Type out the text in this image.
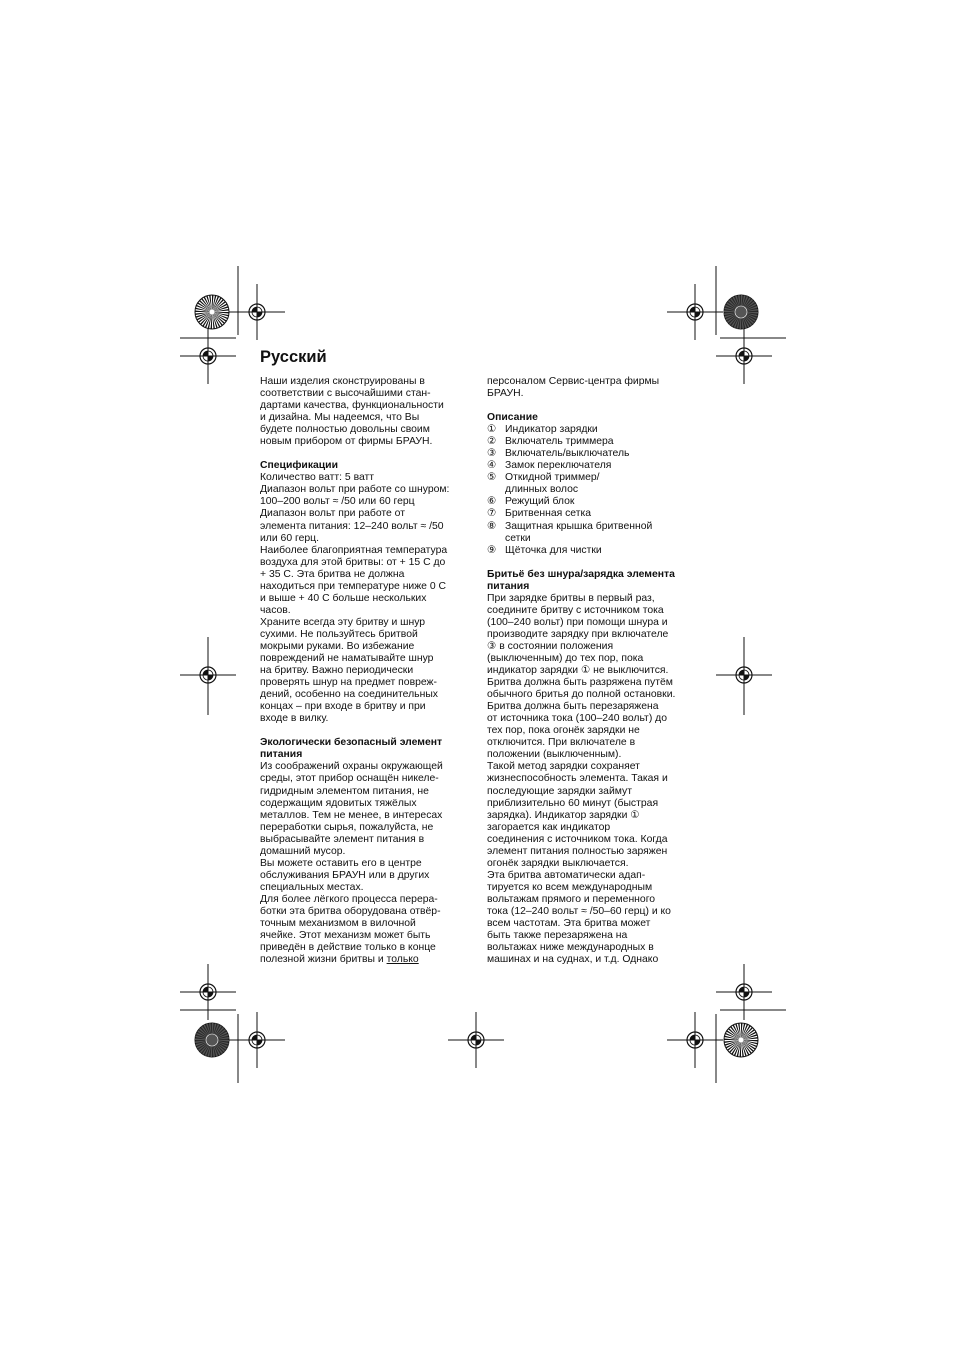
Русский

Наши изделия сконструированы в

соответствии с высочайшими стан-

дартами качества, функциональности

и дизайна. Мы надеемся, что Вы

будете полностью довольны своим

новым прибором от фирмы БРАУН.

Спецификации

Количество ватт: 5 ватт

Диапазон вольт при работе со шнуром:

100–200 вольт ≈ /50 или 60 герц

Диапазон вольт при работе от

элемента питания: 12–240 вольт ≈ /50

или 60 герц.

Наиболее благоприятная температура

воздуха для этой бритвы: от + 15 С до

+ 35 С. Эта бритва не должна

находиться при температуре ниже 0 С

и выше + 40 С больше нескольких

часов.

Храните всегда эту бритву и шнур

сухими. Не пользуйтесь бритвой

мокрыми руками. Во избежание

повреждений не наматывайте шнур

на бритву. Важно периодически

проверять шнур на предмет повреж-

дений, особенно на соединительных

концах – при входе в бритву и при

входе в вилку.

Экологически безопасный элемент
питания

Из соображений охраны окружающей

среды, этот прибор оснащён никеле-

гидридным элементом питания, не

содержащим ядовитых тяжёлых

металлов. Тем не менее, в интересах

переработки сырья, пожалуйста, не

выбрасывайте элемент питания в

домашний мусор.

Вы можете оставить его в центре

обслуживания БРАУН или в других

специальных местах.

Для более лёгкого процесса перера-

ботки эта бритва оборудована отвёр-

точным механизмом в вилочной

ячейке. Этот механизм может быть

приведён в действие только в конце

полезной жизни бритвы и только

персоналом Сервис-центра фирмы

БРАУН.

Описание
① Индикатор зарядки
② Включатель триммера
③ Включатель/выключатель
④ Замок переключателя
⑤ Откидной триммер/
длинных волос
⑥ Режущий блок
⑦ Бритвенная сетка
⑧ Защитная крышка бритвенной
сетки
⑨ Щёточка для чистки
Бритьё без шнура/зарядка элемента
питания

При зарядке бритвы в первый раз,

соедините бритву с источником тока

(100–240 вольт) при помощи шнура и

производите зарядку при включателе

③ в состоянии положения

(выключенным) до тех пор, пока

индикатор зарядки ① не выключится.

Бритва должна быть разряжена путём

обычного бритья до полной остановки.

Бритва должна быть перезаряжена

от источника тока (100–240 вольт) до

тех пор, пока огонёк зарядки не

отключится. При включателе в

положении (выключенным).

Такой метод зарядки сохраняет

жизнеспособность элемента. Такая и

последующие зарядки займут

приблизительно 60 минут (быстрая

зарядка). Индикатор зарядки ①

загорается как индикатор

соединения с источником тока. Когда

элемент питания полностью заряжен

огонёк зарядки выключается.

Эта бритва автоматически адап-

тируется ко всем международным

вольтажам прямого и переменного

тока (12–240 вольт ≈ /50–60 герц) и ко

всем частотам. Эта бритва может

быть также перезаряжена на

вольтажах ниже международных в

машинах и на суднах, и т.д. Однако
